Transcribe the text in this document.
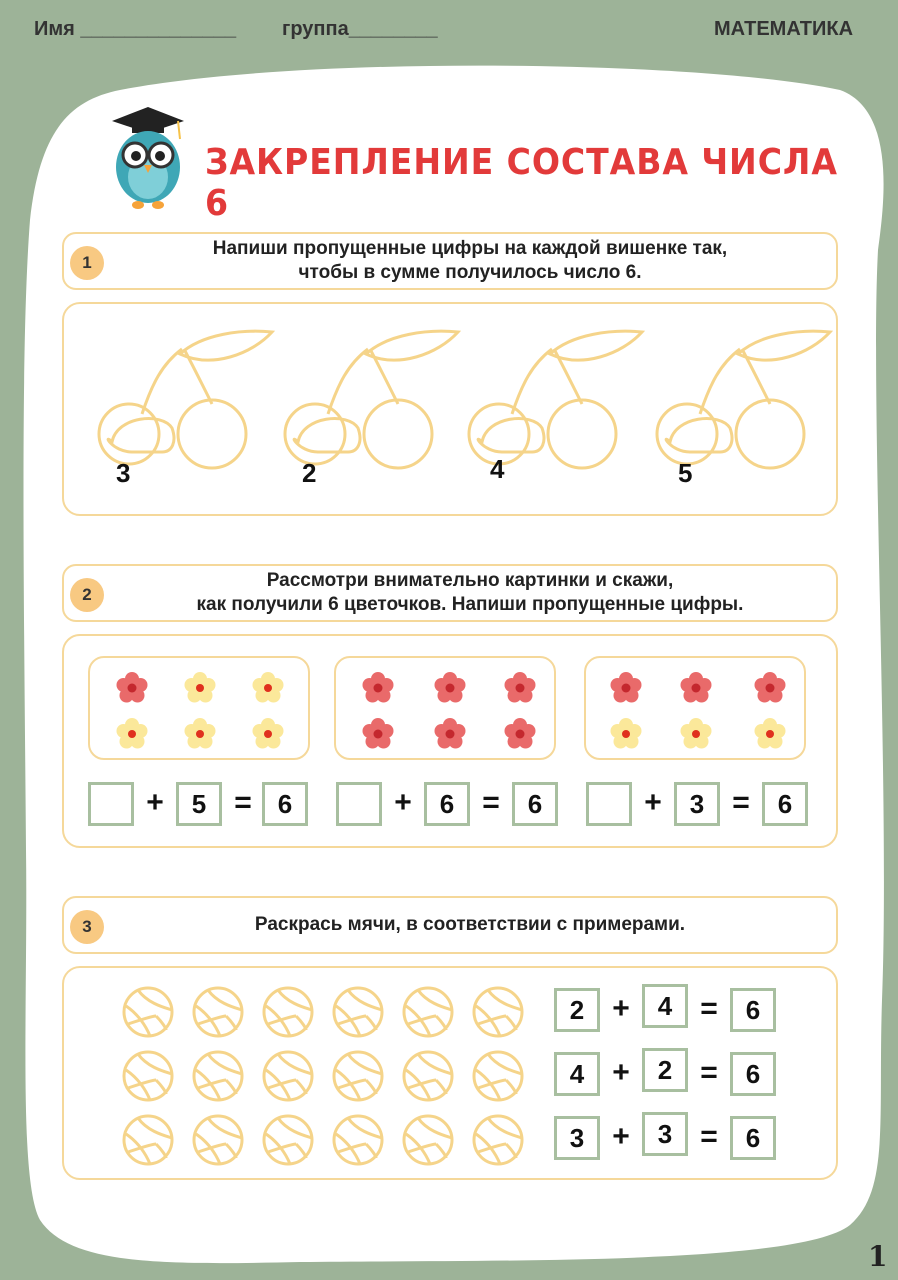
Имя ______________ группа________	МАТЕМАТИКА
ЗАКРЕПЛЕНИЕ СОСТАВА ЧИСЛА 6
1
Напиши пропущенные цифры на каждой вишенке так,
чтобы в сумме получилось число 6.
3	2	4	5
2
Рассмотри внимательно картинки и скажи,
как получили 6 цветочков. Напиши пропущенные цифры.
+	5 =	6	+	6 =	6	+	3 =	6
3	Раскрась мячи, в соответствии с примерами.
2 +	4 =	6
4 +	2 =	6
3 +	3 =	6
1
